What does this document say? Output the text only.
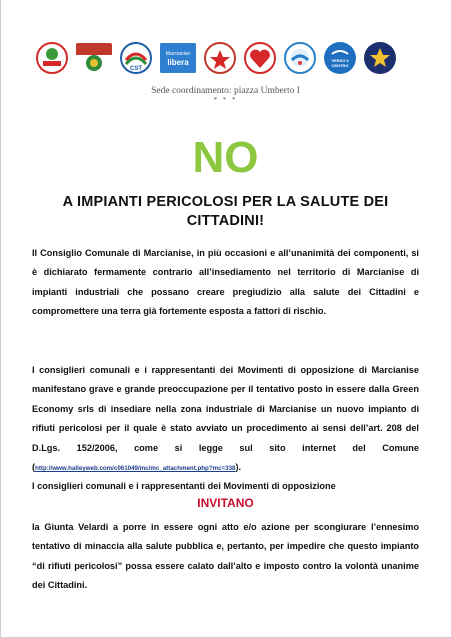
CST
Marcianise
libera	VERSO il
CENTRO
Sede coordinamento: piazza Umberto I
* * *
NO
A IMPIANTI PERICOLOSI PER LA SALUTE DEI CITTADINI!
Il Consiglio Comunale di Marcianise, in più occasioni e all’unanimità dei componenti, si è dichiarato fermamente contrario all’insediamento nel territorio di Marcianise di impianti industriali che possano creare pregiudizio alla salute dei Cittadini e compromettere una terra già fortemente esposta a fattori di rischio.
I consiglieri comunali e i rappresentanti dei Movimenti di opposizione di Marcianise manifestano grave e grande preoccupazione per il tentativo posto in essere dalla Green Economy srls di insediare nella zona industriale di Marcianise un nuovo impianto di rifiuti pericolosi per il quale è stato avviato un procedimento ai sensi dell’art. 208 del D.Lgs. 152/2006, come si legge sul sito internet del Comune (http://www.halleyweb.com/c061049/mc/mc_attachment.php?mc=338).
I consiglieri comunali e i rappresentanti dei Movimenti di opposizione
INVITANO
la Giunta Velardi a porre in essere ogni atto e/o azione per scongiurare l’ennesimo tentativo di minaccia alla salute pubblica e, pertanto, per impedire che questo impianto “di rifiuti pericolosi” possa essere calato dall’alto e imposto contro la volontà unanime dei Cittadini.
